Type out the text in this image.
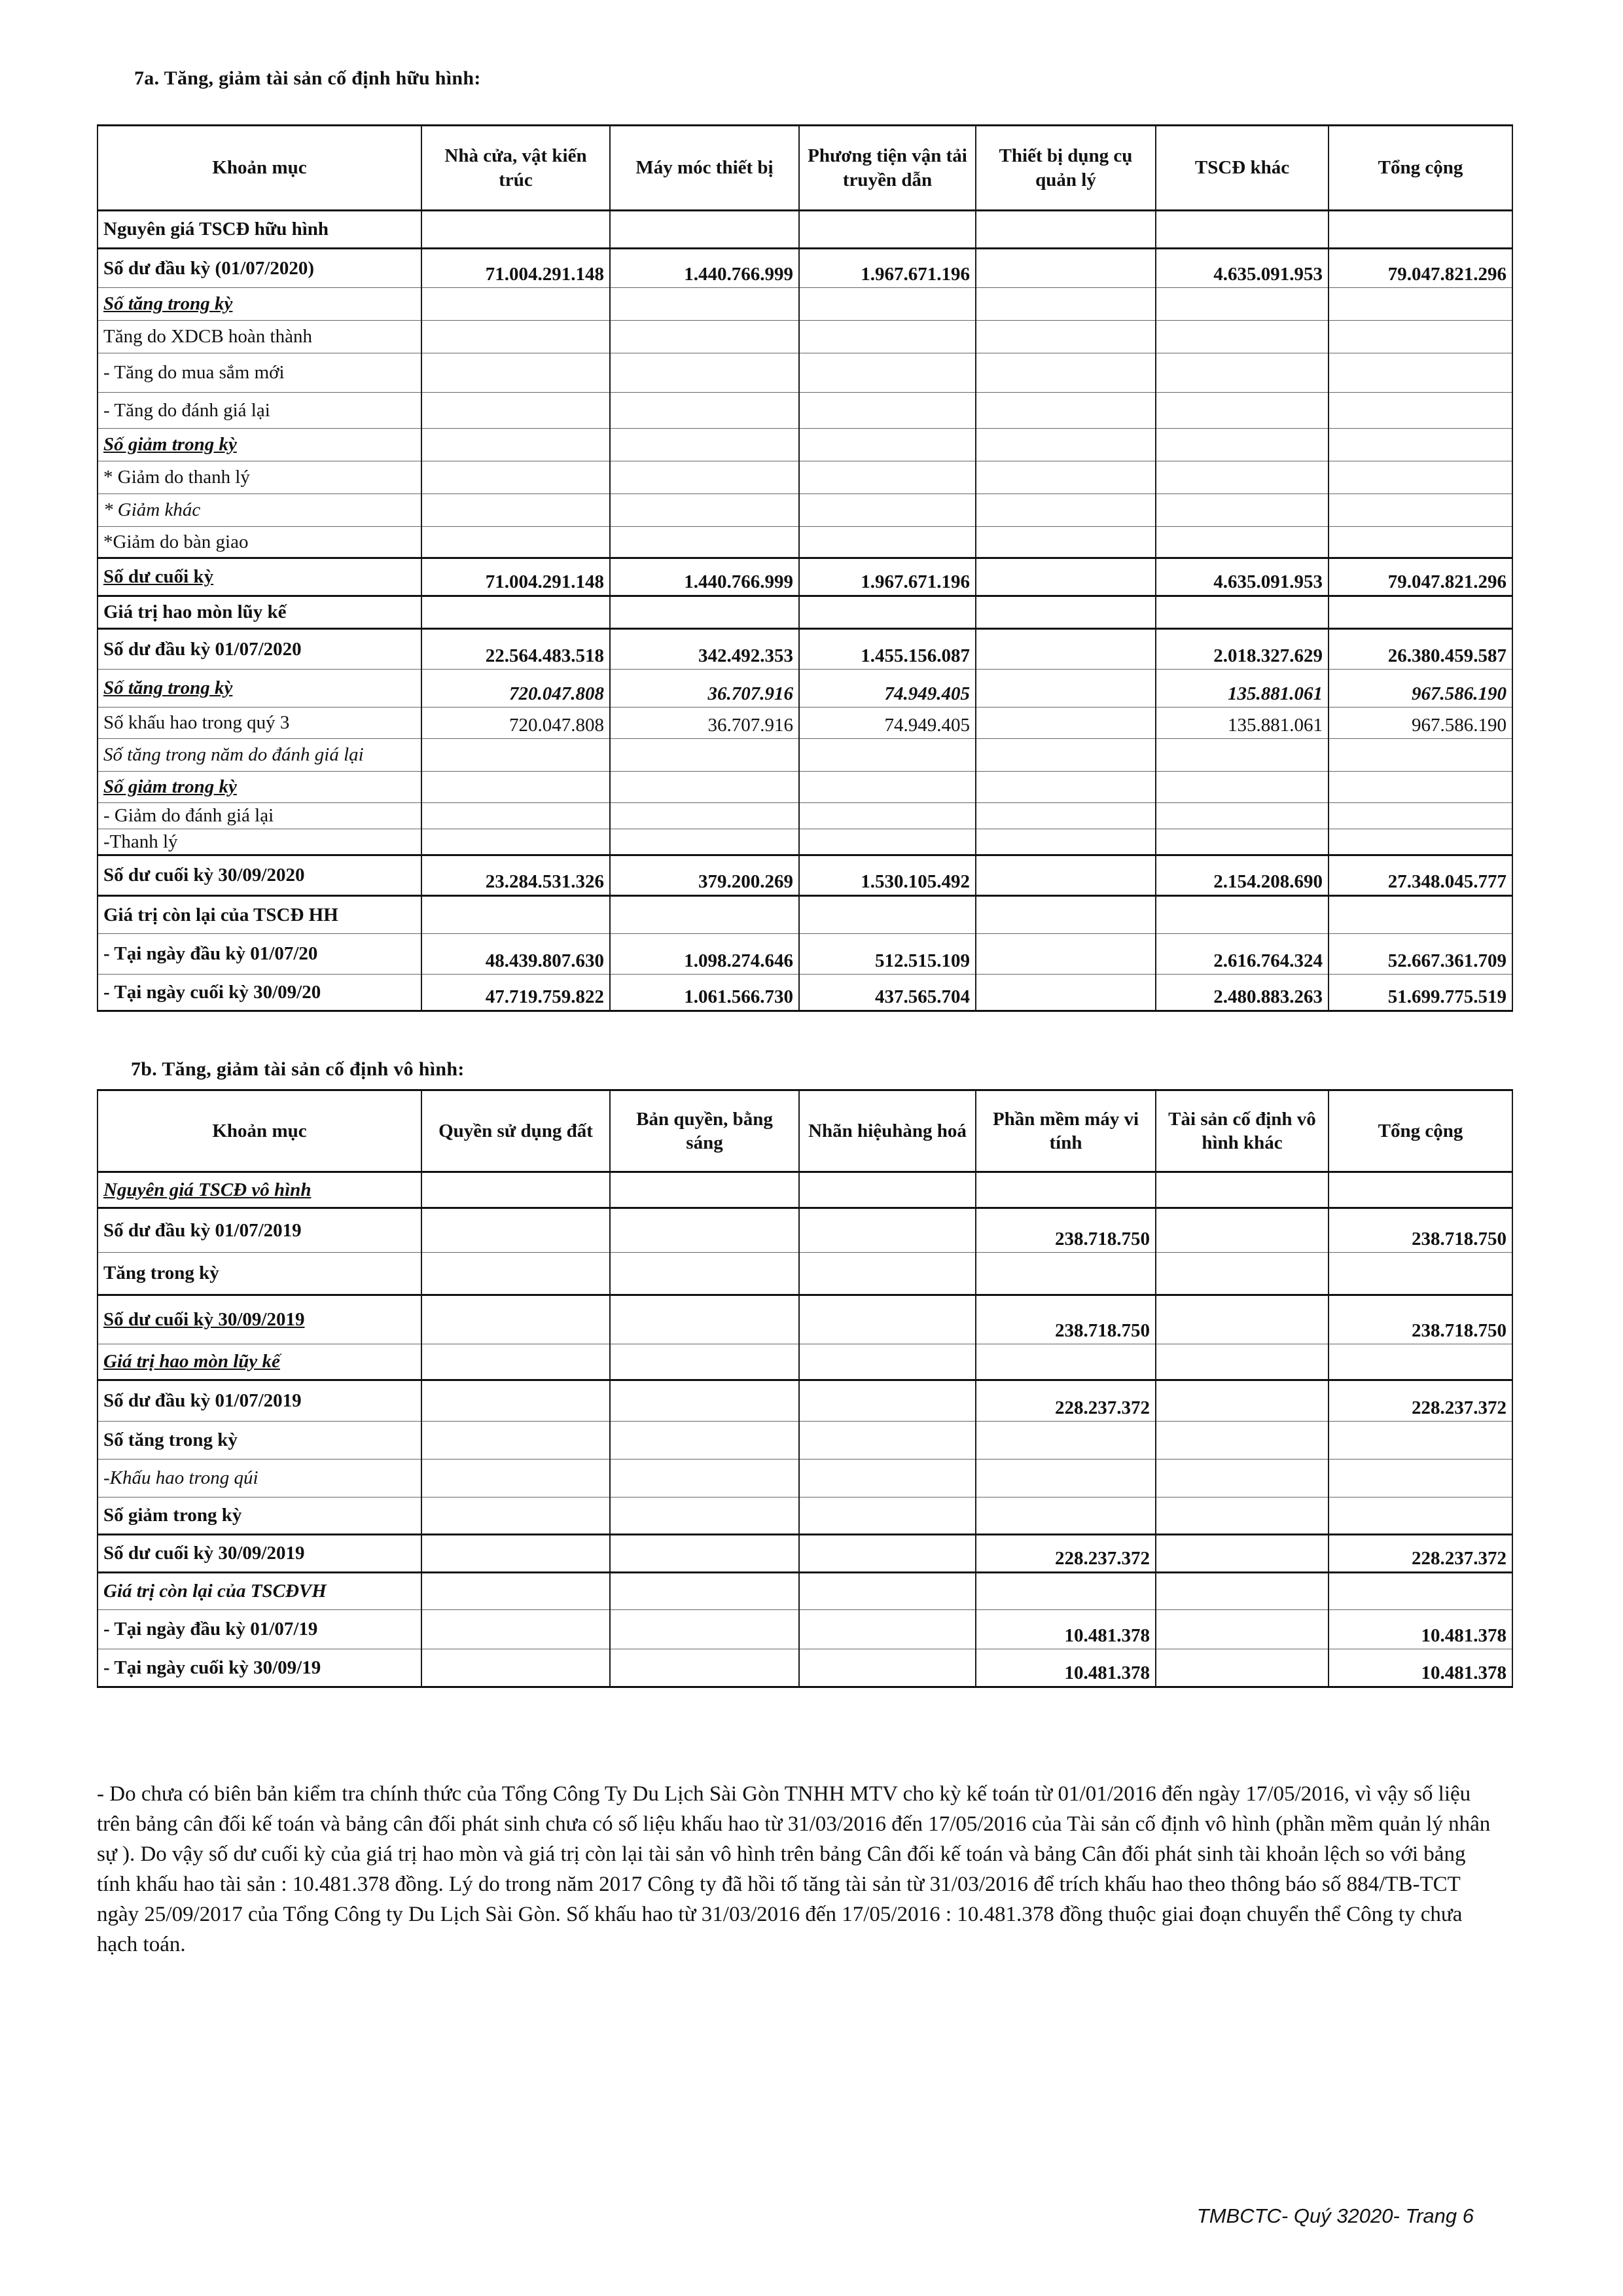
7a. Tăng, giảm tài sản cố định hữu hình:
Khoản mục	Nhà cửa, vật kiến trúc	Máy móc thiết bị	Phương tiện vận tải truyền dẫn	Thiết bị dụng cụ quản lý	TSCĐ khác	Tổng cộng
Nguyên giá TSCĐ hữu hình						
Số dư đầu kỳ (01/07/2020)	71.004.291.148	1.440.766.999	1.967.671.196		4.635.091.953	79.047.821.296
Số tăng trong kỳ						
Tăng do XDCB hoàn thành						
- Tăng do mua sắm mới						
- Tăng do đánh giá lại						
Số giảm trong kỳ						
* Giảm do thanh lý						
* Giảm khác						
*Giảm do bàn giao						
Số dư cuối kỳ	71.004.291.148	1.440.766.999	1.967.671.196		4.635.091.953	79.047.821.296
Giá trị hao mòn lũy kế						
Số dư đầu kỳ 01/07/2020	22.564.483.518	342.492.353	1.455.156.087		2.018.327.629	26.380.459.587
Số tăng trong kỳ	720.047.808	36.707.916	74.949.405		135.881.061	967.586.190
Số khấu hao trong quý 3	720.047.808	36.707.916	74.949.405		135.881.061	967.586.190
Số tăng trong năm do đánh giá lại						
Số giảm trong kỳ						
- Giảm do đánh giá lại						
-Thanh lý						
Số dư cuối kỳ 30/09/2020	23.284.531.326	379.200.269	1.530.105.492		2.154.208.690	27.348.045.777
Giá trị còn lại của TSCĐ HH						
- Tại ngày đầu kỳ 01/07/20	48.439.807.630	1.098.274.646	512.515.109		2.616.764.324	52.667.361.709
- Tại ngày cuối kỳ 30/09/20	47.719.759.822	1.061.566.730	437.565.704		2.480.883.263	51.699.775.519
7b. Tăng, giảm tài sản cố định vô hình:
Khoản mục	Quyền sử dụng đất	Bản quyền, bằng sáng	Nhãn hiệuhàng hoá	Phần mềm máy vi tính	Tài sản cố định vô hình khác	Tổng cộng
Nguyên giá TSCĐ vô hình						
Số dư đầu kỳ 01/07/2019				238.718.750		238.718.750
Tăng trong kỳ						
Số dư cuối kỳ 30/09/2019				238.718.750		238.718.750
Giá trị hao mòn lũy kế						
Số dư đầu kỳ 01/07/2019				228.237.372		228.237.372
Số tăng trong kỳ						
-Khấu hao trong qúi						
Số giảm trong kỳ						
Số dư cuối kỳ 30/09/2019				228.237.372		228.237.372
Giá trị còn lại của TSCĐVH						
- Tại ngày đầu kỳ 01/07/19				10.481.378		10.481.378
- Tại ngày cuối kỳ 30/09/19				10.481.378		10.481.378
- Do chưa có biên bản kiểm tra chính thức của Tổng Công Ty Du Lịch Sài Gòn TNHH MTV cho kỳ kế toán từ 01/01/2016 đến ngày 17/05/2016, vì vậy số liệu trên bảng cân đối kế toán và bảng cân đối phát sinh chưa có số liệu khấu hao từ 31/03/2016 đến 17/05/2016 của Tài sản cố định vô hình (phần mềm quản lý nhân sự ). Do vậy số dư cuối kỳ của giá trị hao mòn và giá trị còn lại tài sản vô hình trên bảng Cân đối kế toán và bảng Cân đối phát sinh tài khoản lệch so với bảng tính khấu hao tài sản : 10.481.378 đồng. Lý do trong năm 2017 Công ty đã hồi tố tăng tài sản từ 31/03/2016 để trích khấu hao theo thông báo số 884/TB-TCT ngày 25/09/2017 của Tổng Công ty Du Lịch Sài Gòn. Số khấu hao từ 31/03/2016 đến 17/05/2016 : 10.481.378 đồng thuộc giai đoạn chuyển thể Công ty chưa hạch toán.
TMBCTC- Quý 32020- Trang 6
